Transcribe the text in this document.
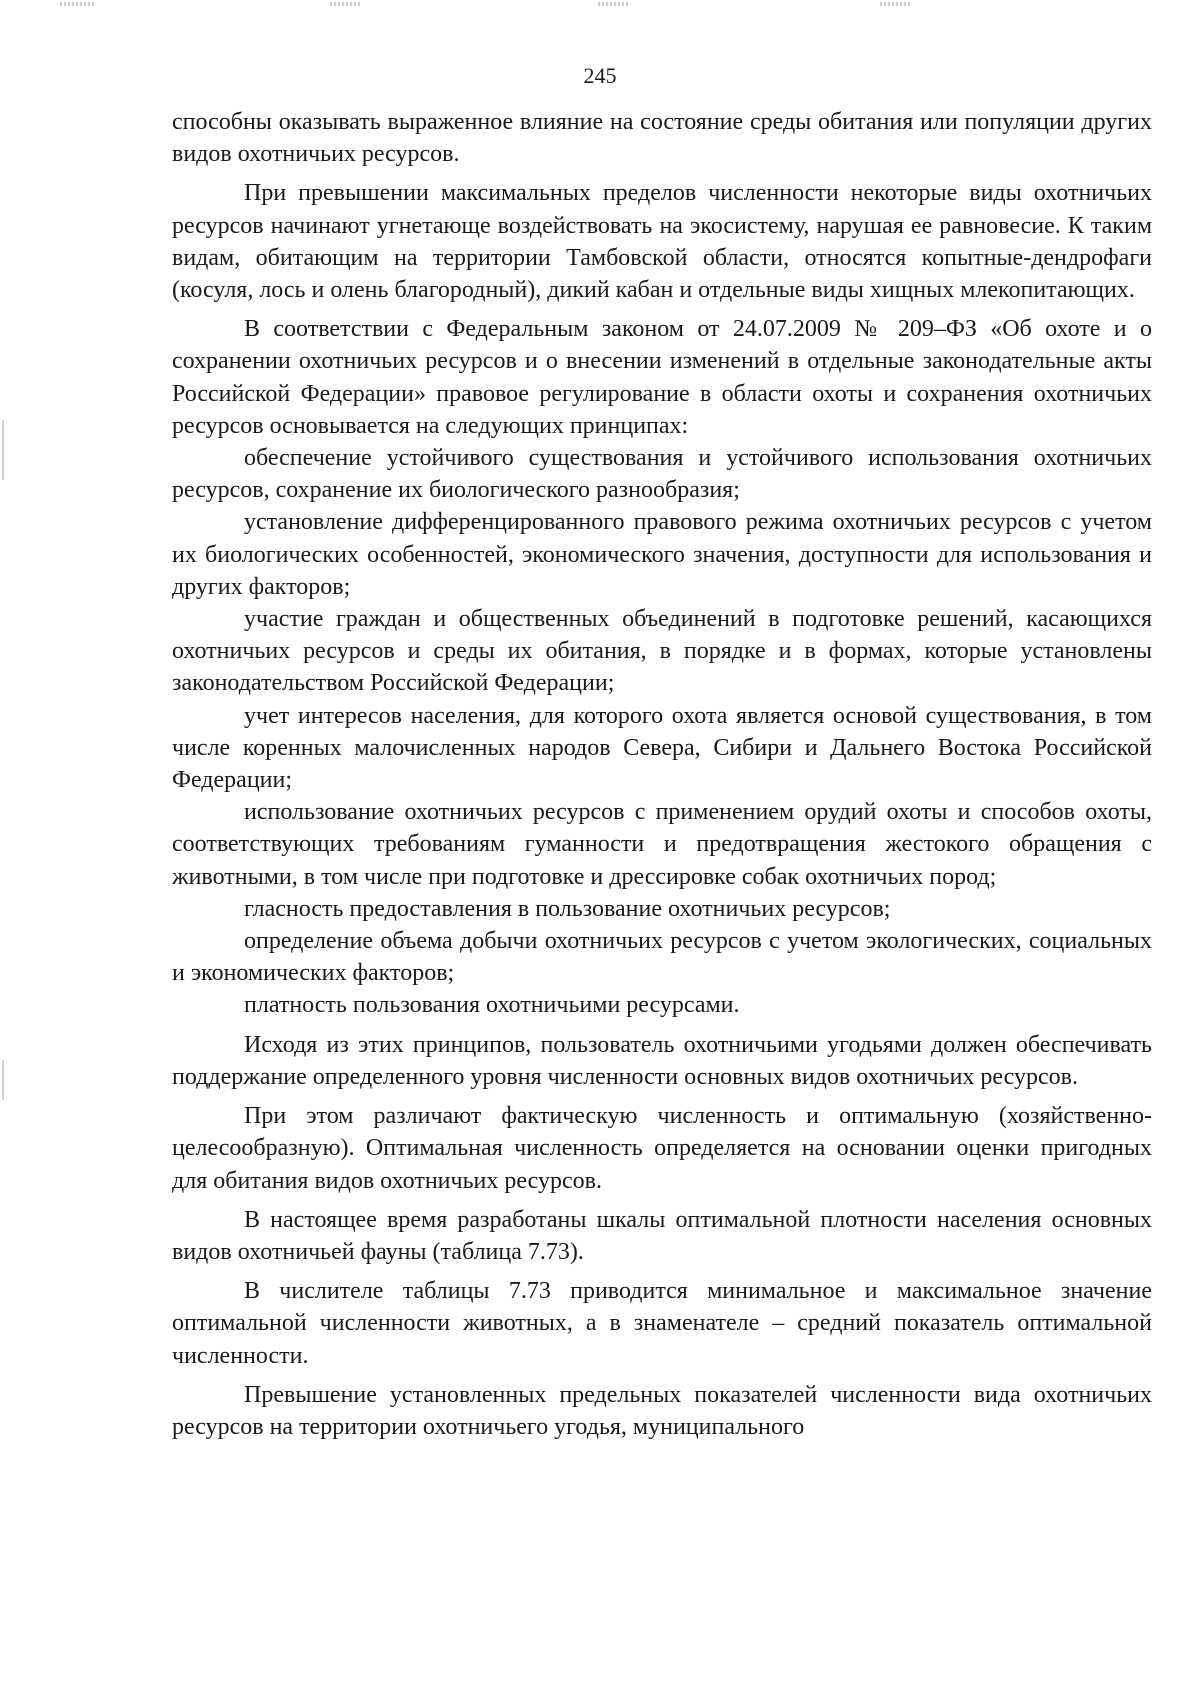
245

способны оказывать выраженное влияние на состояние среды обитания или популяции других видов охотничьих ресурсов.

При превышении максимальных пределов численности некоторые виды охотничьих ресурсов начинают угнетающе воздействовать на экосистему, нарушая ее равновесие. К таким видам, обитающим на территории Тамбовской области, относятся копытные-дендрофаги (косуля, лось и олень благородный), дикий кабан и отдельные виды хищных млекопитающих.

В соответствии с Федеральным законом от 24.07.2009 № 209–ФЗ «Об охоте и о сохранении охотничьих ресурсов и о внесении изменений в отдельные законодательные акты Российской Федерации» правовое регулирование в области охоты и сохранения охотничьих ресурсов основывается на следующих принципах:

обеспечение устойчивого существования и устойчивого использования охотничьих ресурсов, сохранение их биологического разнообразия;

установление дифференцированного правового режима охотничьих ресурсов с учетом их биологических особенностей, экономического значения, доступности для использования и других факторов;

участие граждан и общественных объединений в подготовке решений, касающихся охотничьих ресурсов и среды их обитания, в порядке и в формах, которые установлены законодательством Российской Федерации;

учет интересов населения, для которого охота является основой существования, в том числе коренных малочисленных народов Севера, Сибири и Дальнего Востока Российской Федерации;

использование охотничьих ресурсов с применением орудий охоты и способов охоты, соответствующих требованиям гуманности и предотвращения жестокого обращения с животными, в том числе при подготовке и дрессировке собак охотничьих пород;

гласность предоставления в пользование охотничьих ресурсов;

определение объема добычи охотничьих ресурсов с учетом экологических, социальных и экономических факторов;

платность пользования охотничьими ресурсами.

Исходя из этих принципов, пользователь охотничьими угодьями должен обеспечивать поддержание определенного уровня численности основных видов охотничьих ресурсов.

При этом различают фактическую численность и оптимальную (хозяйственно-целесообразную). Оптимальная численность определяется на основании оценки пригодных для обитания видов охотничьих ресурсов.

В настоящее время разработаны шкалы оптимальной плотности населения основных видов охотничьей фауны (таблица 7.73).

В числителе таблицы 7.73 приводится минимальное и максимальное значение оптимальной численности животных, а в знаменателе – средний показатель оптимальной численности.

Превышение установленных предельных показателей численности вида охотничьих ресурсов на территории охотничьего угодья, муниципального
